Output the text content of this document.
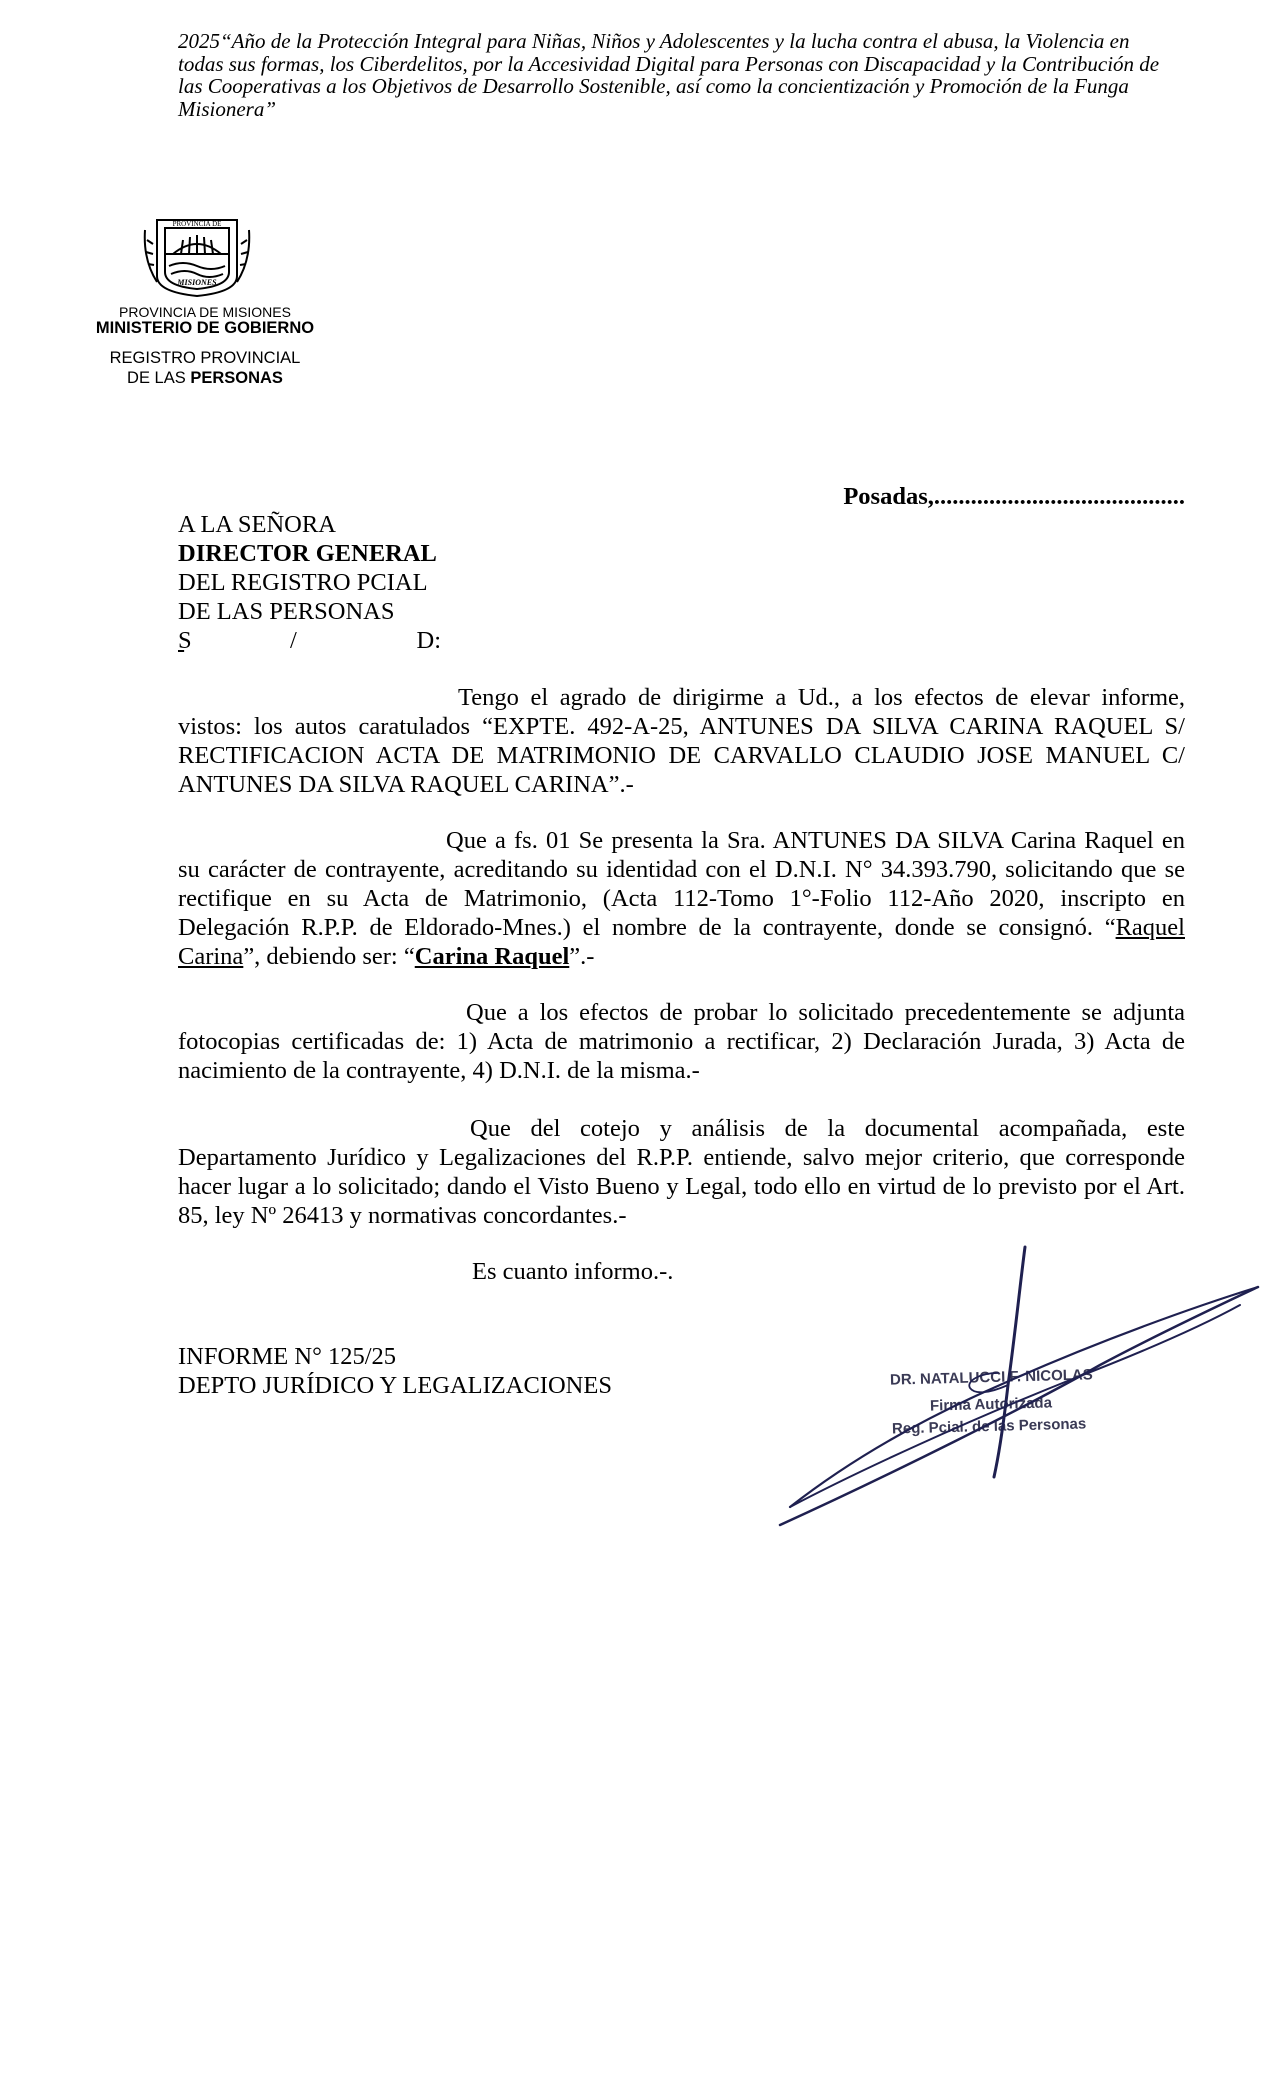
2025“Año de la Protección Integral para Niñas, Niños y Adolescentes y la lucha contra el abusa, la Violencia en todas sus formas, los Ciberdelitos, por la Accesividad Digital para Personas con Discapacidad y la Contribución de las Cooperativas a los Objetivos de Desarrollo Sostenible, así como la concientización y Promoción de la Funga Misionera”
PROVINCIA DE
MISIONES
PROVINCIA DE MISIONES
MINISTERIO DE GOBIERNO
REGISTRO PROVINCIAL
DE LAS PERSONAS
Posadas,.........................................
A LA SEÑORA
DIRECTOR GENERAL
DEL REGISTRO PCIAL
DE LAS PERSONAS

S	/	D:
Tengo el agrado de dirigirme a Ud., a los efectos de elevar informe, vistos: los autos caratulados “EXPTE. 492-A-25, ANTUNES DA SILVA CARINA RAQUEL S/ RECTIFICACION ACTA DE MATRIMONIO DE CARVALLO CLAUDIO JOSE MANUEL C/ ANTUNES DA SILVA RAQUEL CARINA”.-
Que a fs. 01 Se presenta la Sra. ANTUNES DA SILVA Carina Raquel en su carácter de contrayente, acreditando su identidad con el D.N.I. N° 34.393.790, solicitando que se rectifique en su Acta de Matrimonio, (Acta 112-Tomo 1°-Folio 112-Año 2020, inscripto en Delegación R.P.P. de Eldorado-Mnes.) el nombre de la contrayente, donde se consignó. “Raquel Carina”, debiendo ser: “Carina Raquel”.-
Que a los efectos de probar lo solicitado precedentemente se adjunta fotocopias certificadas de: 1) Acta de matrimonio a rectificar, 2) Declaración Jurada, 3) Acta de nacimiento de la contrayente, 4) D.N.I. de la misma.-
Que del cotejo y análisis de la documental acompañada, este Departamento Jurídico y Legalizaciones del R.P.P. entiende, salvo mejor criterio, que corresponde hacer lugar a lo solicitado; dando el Visto Bueno y Legal, todo ello en virtud de lo previsto por el Art. 85, ley Nº 26413 y normativas concordantes.-
Es cuanto informo.-.
INFORME N° 125/25
DEPTO JURÍDICO Y LEGALIZACIONES	DR. NATALUCCI F. NICOLAS
Firma Autorizada
Reg. Pcial. de las Personas
